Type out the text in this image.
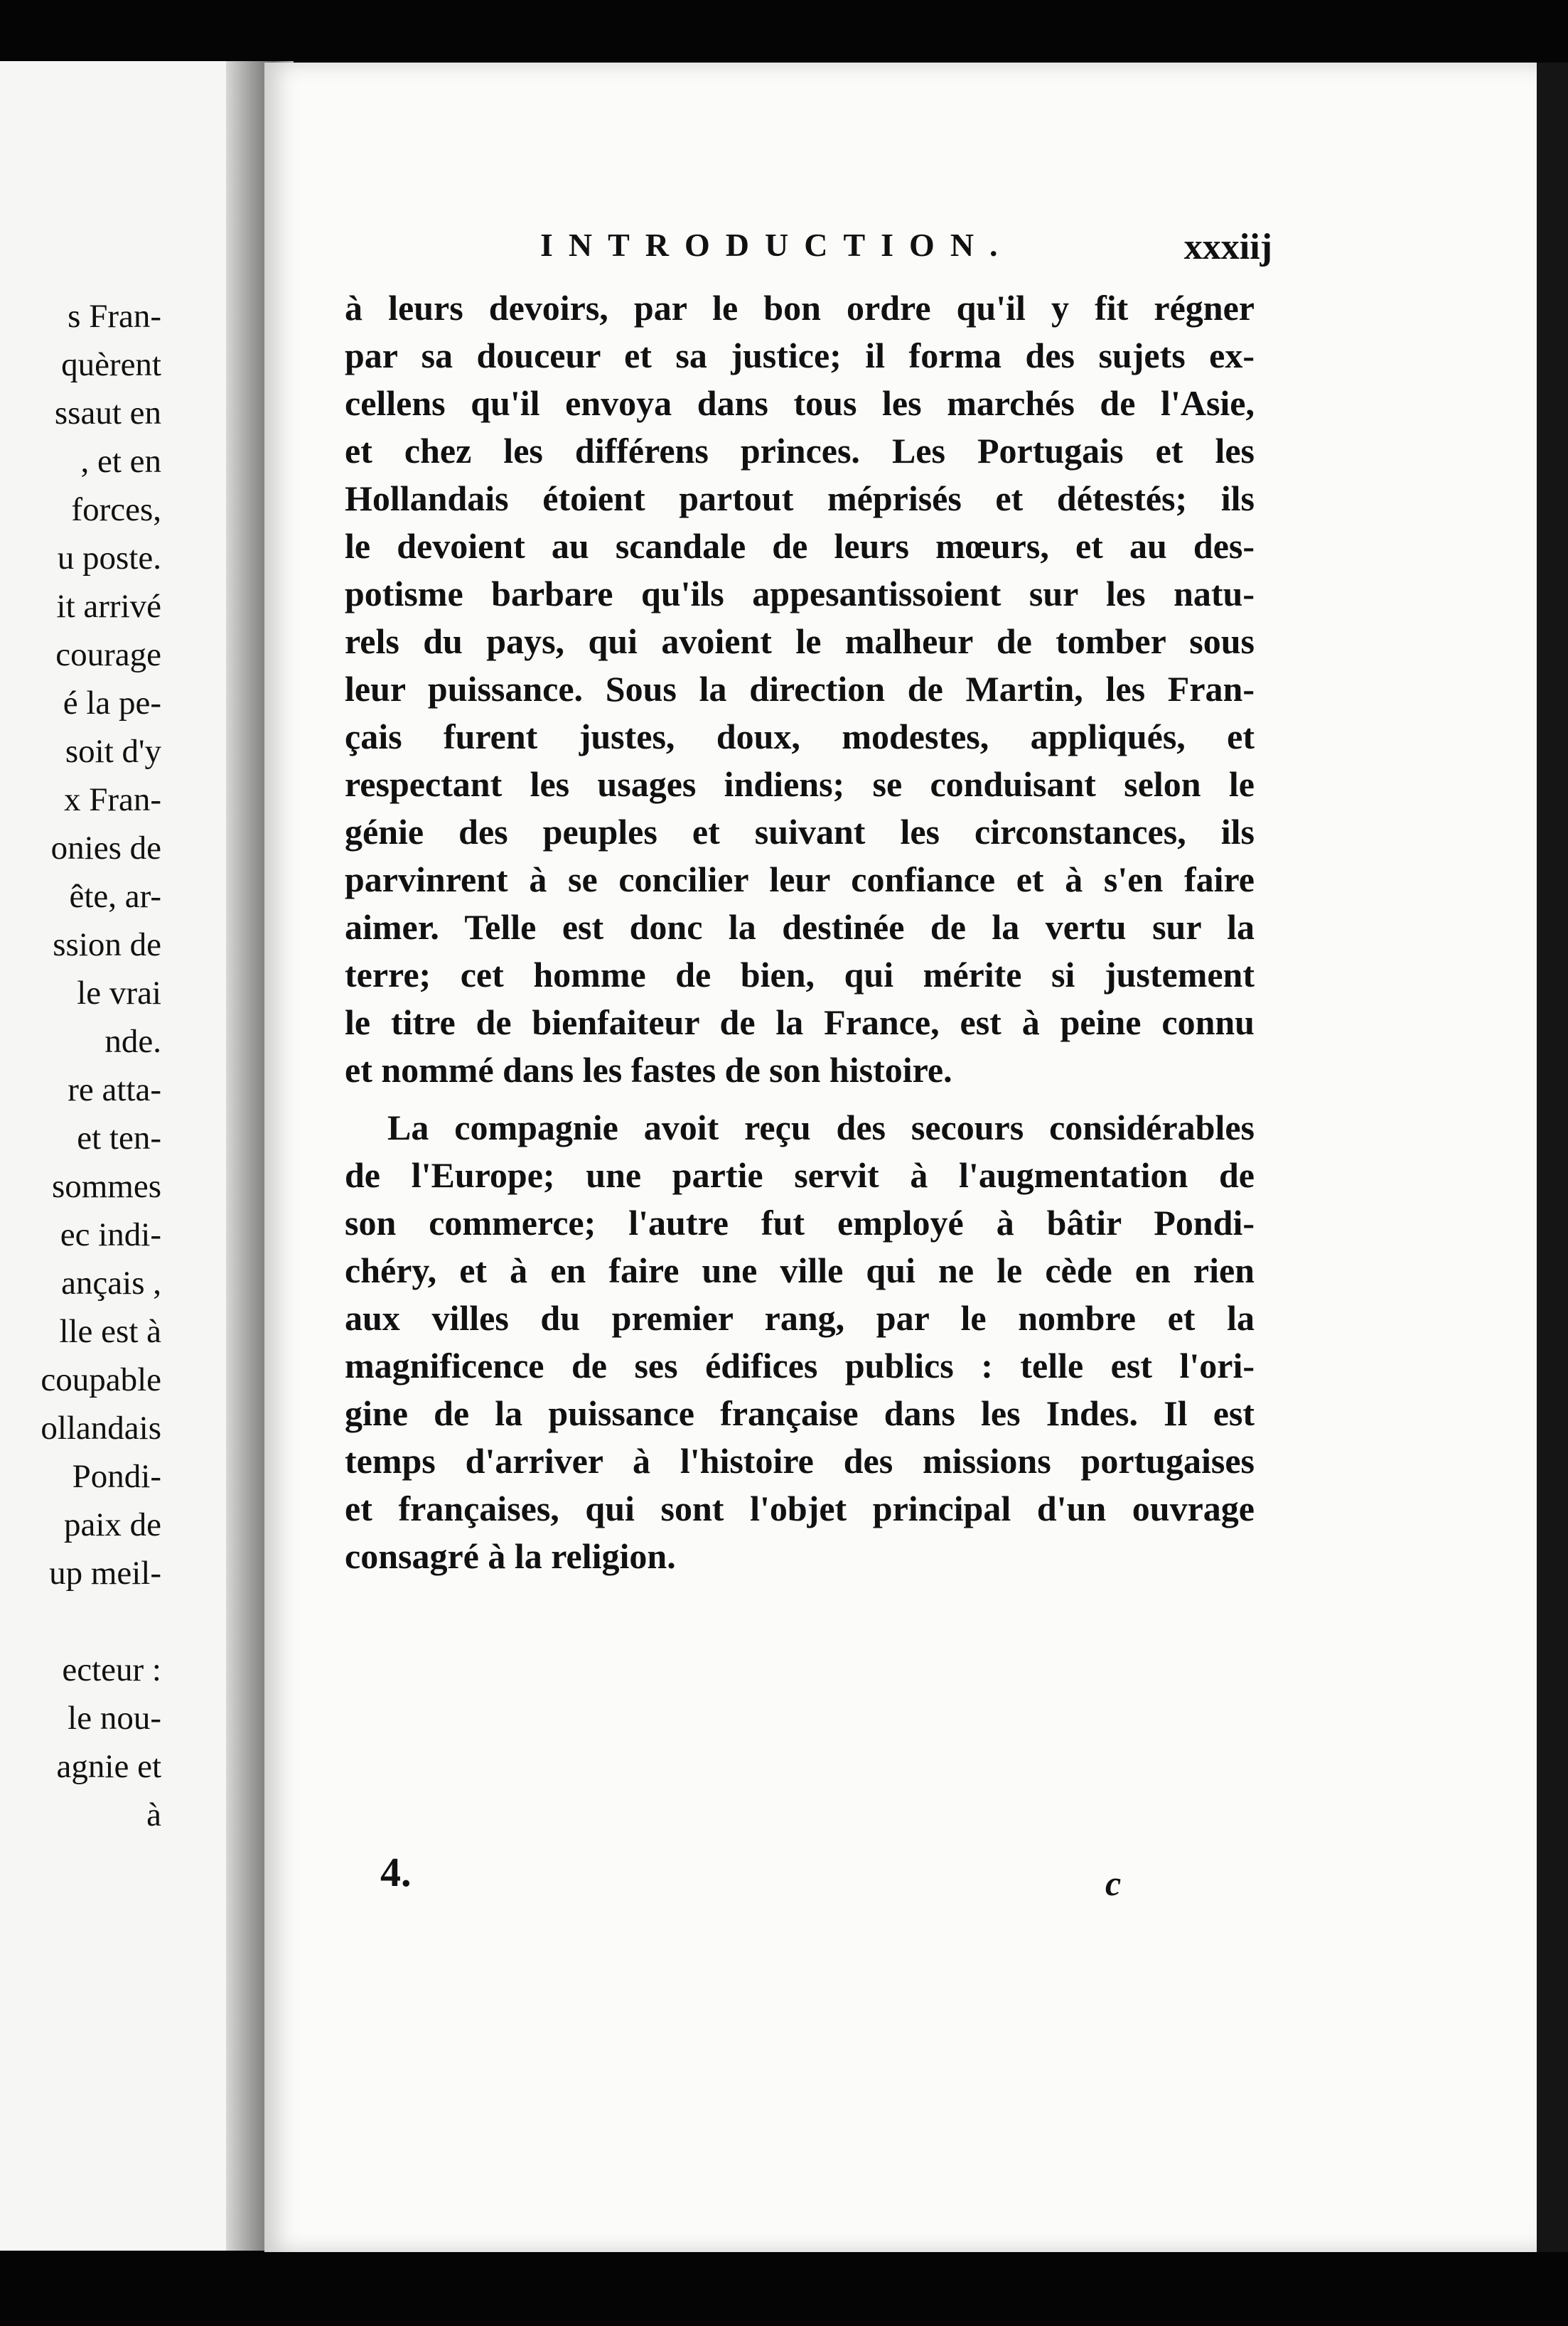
s Fran-
quèrent
ssaut en
, et en
forces,
u poste.
it arrivé
courage
é la pe-
soit d'y
x Fran-
onies de
ête, ar-
ssion de
le vrai
nde.
re atta-
et ten-
sommes
ec indi-
ançais ,
lle est à
coupable
ollandais
Pondi-
paix de
up meil-
ecteur :
le nou-
agnie et
à
INTRODUCTION.	xxxiij

à leurs devoirs, par le bon ordre qu'il y fit régner
par sa douceur et sa justice; il forma des sujets ex-
cellens qu'il envoya dans tous les marchés de l'Asie,
et chez les différens princes. Les Portugais et les
Hollandais étoient partout méprisés et détestés; ils
le devoient au scandale de leurs mœurs, et au des-
potisme barbare qu'ils appesantissoient sur les natu-
rels du pays, qui avoient le malheur de tomber sous
leur puissance. Sous la direction de Martin, les Fran-
çais furent justes, doux, modestes, appliqués, et
respectant les usages indiens; se conduisant selon le
génie des peuples et suivant les circonstances, ils
parvinrent à se concilier leur confiance et à s'en faire
aimer. Telle est donc la destinée de la vertu sur la
terre; cet homme de bien, qui mérite si justement
le titre de bienfaiteur de la France, est à peine connu
et nommé dans les fastes de son histoire.

La compagnie avoit reçu des secours considérables
de l'Europe; une partie servit à l'augmentation de
son commerce; l'autre fut employé à bâtir Pondi-
chéry, et à en faire une ville qui ne le cède en rien
aux villes du premier rang, par le nombre et la
magnificence de ses édifices publics : telle est l'ori-
gine de la puissance française dans les Indes. Il est
temps d'arriver à l'histoire des missions portugaises
et françaises, qui sont l'objet principal d'un ouvrage
consagré à la religion.

4.	c
